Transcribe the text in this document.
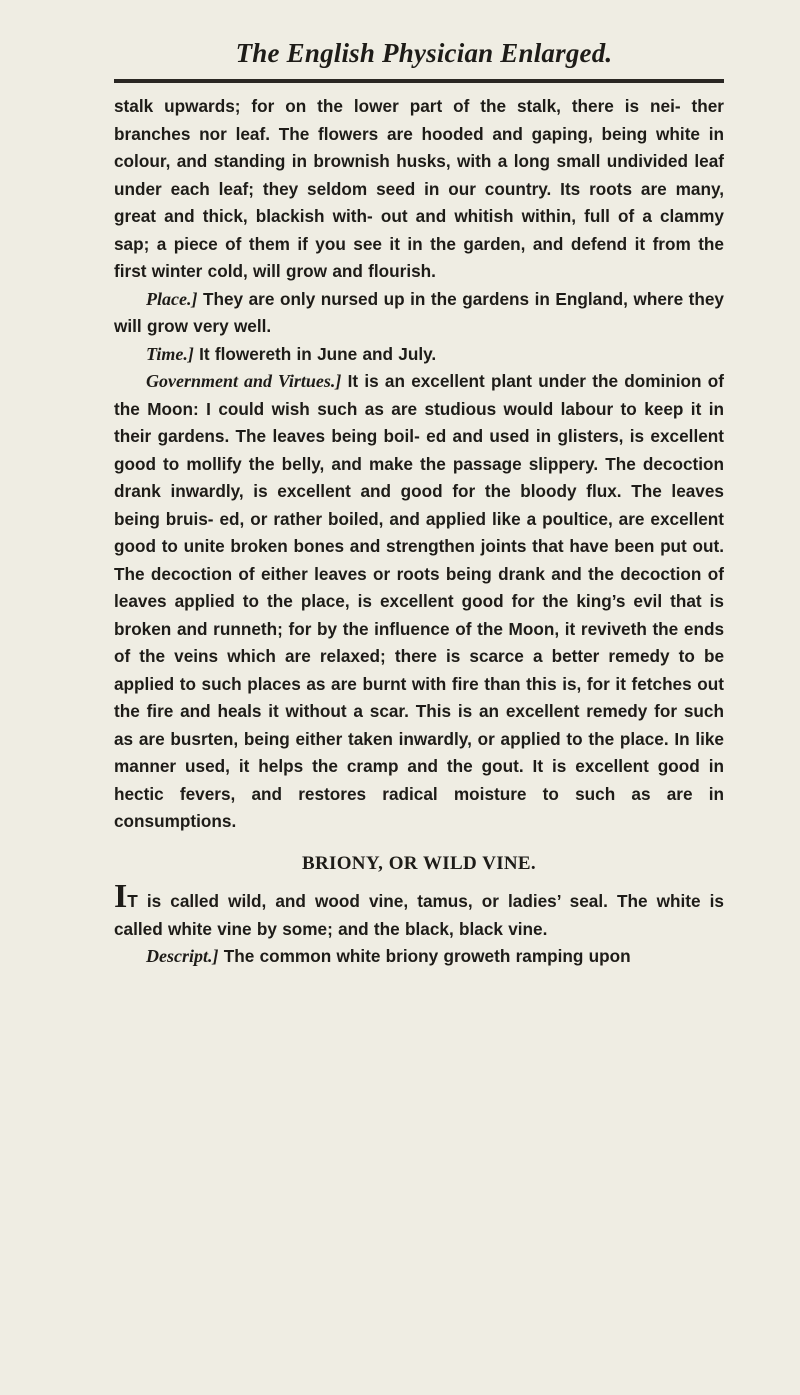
The English Physician Enlarged.

stalk upwards; for on the lower part of the stalk, there is nei- ther branches nor leaf. The flowers are hooded and gaping, being white in colour, and standing in brownish husks, with a long small undivided leaf under each leaf; they seldom seed in our country. Its roots are many, great and thick, blackish with- out and whitish within, full of a clammy sap; a piece of them if you see it in the garden, and defend it from the first winter cold, will grow and flourish.

Place.] They are only nursed up in the gardens in England, where they will grow very well.

Time.] It flowereth in June and July.

Government and Virtues.] It is an excellent plant under the dominion of the Moon: I could wish such as are studious would labour to keep it in their gardens. The leaves being boil- ed and used in glisters, is excellent good to mollify the belly, and make the passage slippery. The decoction drank inwardly, is excellent and good for the bloody flux. The leaves being bruis- ed, or rather boiled, and applied like a poultice, are excellent good to unite broken bones and strengthen joints that have been put out. The decoction of either leaves or roots being drank and the decoction of leaves applied to the place, is excellent good for the king’s evil that is broken and runneth; for by the influence of the Moon, it reviveth the ends of the veins which are relaxed; there is scarce a better remedy to be applied to such places as are burnt with fire than this is, for it fetches out the fire and heals it without a scar. This is an excellent remedy for such as are busrten, being either taken inwardly, or applied to the place. In like manner used, it helps the cramp and the gout. It is excellent good in hectic fevers, and restores radical moisture to such as are in consumptions.

BRIONY, OR WILD VINE.

IT is called wild, and wood vine, tamus, or ladies’ seal. The white is called white vine by some; and the black, black vine.

Descript.] The common white briony groweth ramping upon
